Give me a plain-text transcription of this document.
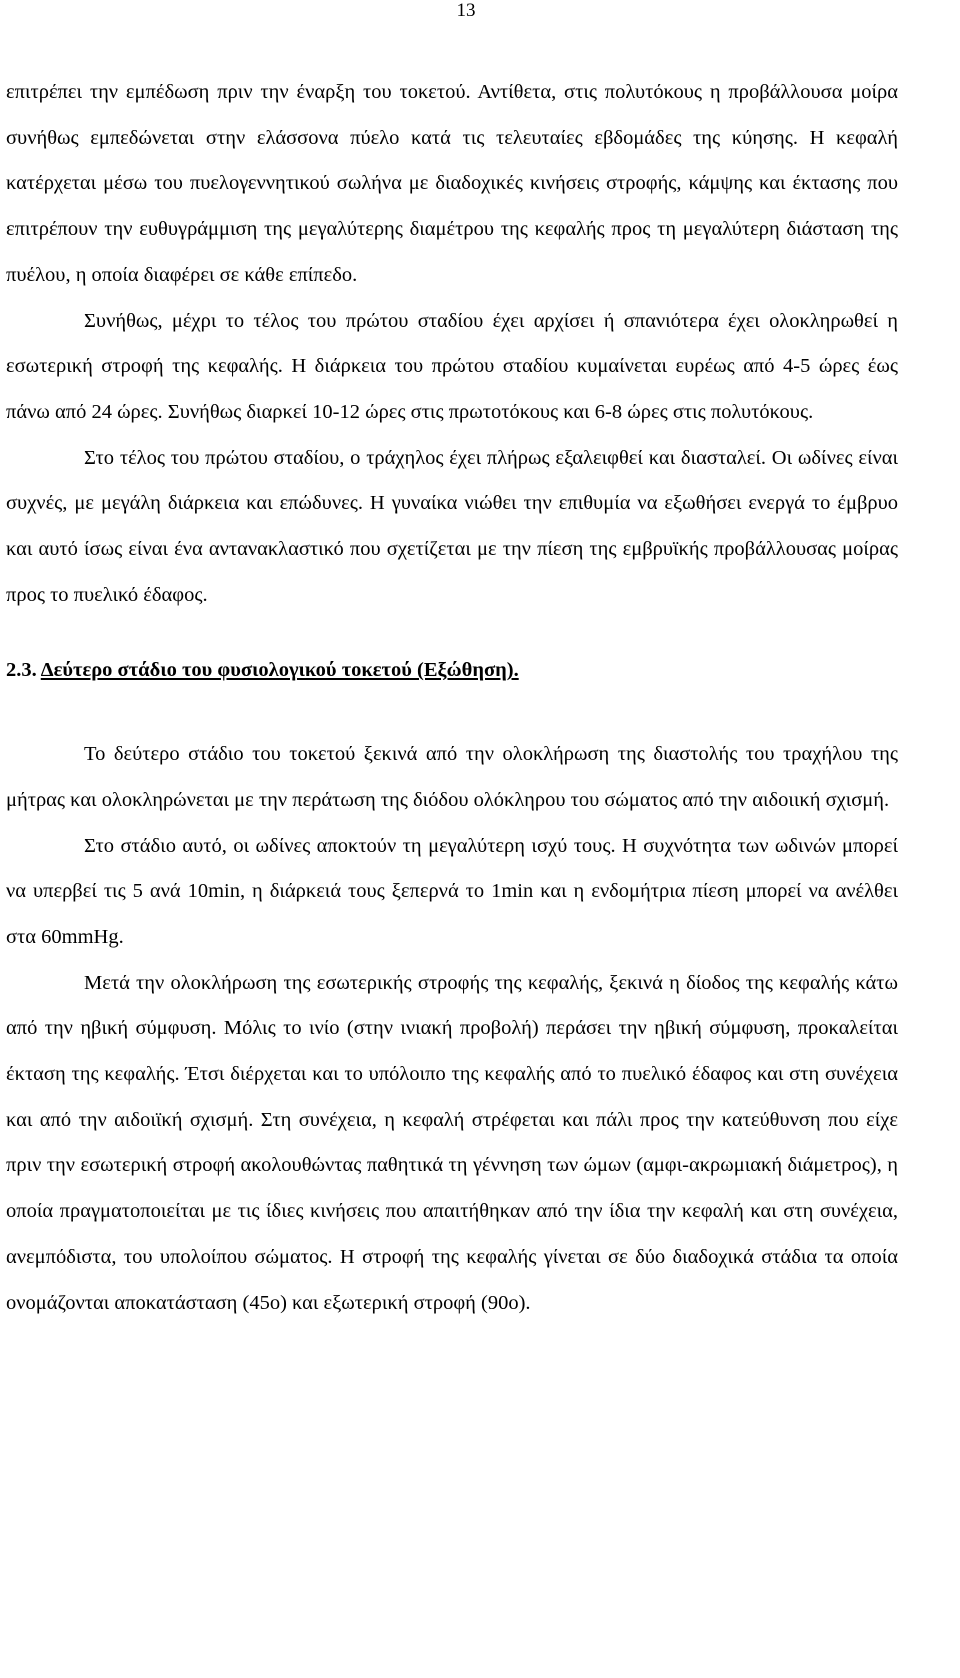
13

επιτρέπει την εμπέδωση πριν την έναρξη του τοκετού. Αντίθετα, στις πολυτόκους η προβάλλουσα μοίρα συνήθως εμπεδώνεται στην ελάσσονα πύελο κατά τις τελευταίες εβδομάδες της κύησης. Η κεφαλή κατέρχεται μέσω του πυελογεννητικού σωλήνα με διαδοχικές κινήσεις στροφής, κάμψης και έκτασης που επιτρέπουν την ευθυγράμμιση της μεγαλύτερης διαμέτρου της κεφαλής προς τη μεγαλύτερη διάσταση της πυέλου, η οποία διαφέρει σε κάθε επίπεδο.

Συνήθως, μέχρι το τέλος του πρώτου σταδίου έχει αρχίσει ή σπανιότερα έχει ολοκληρωθεί η εσωτερική στροφή της κεφαλής. Η διάρκεια του πρώτου σταδίου κυμαίνεται ευρέως από 4-5 ώρες έως πάνω από 24 ώρες. Συνήθως διαρκεί 10-12 ώρες στις πρωτοτόκους και 6-8 ώρες στις πολυτόκους.

Στο τέλος του πρώτου σταδίου, ο τράχηλος έχει πλήρως εξαλειφθεί και διασταλεί. Οι ωδίνες είναι συχνές, με μεγάλη διάρκεια και επώδυνες. Η γυναίκα νιώθει την επιθυμία να εξωθήσει ενεργά το έμβρυο και αυτό ίσως είναι ένα αντανακλαστικό που σχετίζεται με την πίεση της εμβρυϊκής προβάλλουσας μοίρας προς το πυελικό έδαφος.

2.3. Δεύτερο στάδιο του φυσιολογικού τοκετού (Εξώθηση).

Το δεύτερο στάδιο του τοκετού ξεκινά από την ολοκλήρωση της διαστολής του τραχήλου της μήτρας και ολοκληρώνεται με την περάτωση της διόδου ολόκληρου του σώματος από την αιδοιική σχισμή.

Στο στάδιο αυτό, οι ωδίνες αποκτούν τη μεγαλύτερη ισχύ τους. Η συχνότητα των ωδινών μπορεί να υπερβεί τις 5 ανά 10min, η διάρκειά τους ξεπερνά το 1min και η ενδομήτρια πίεση μπορεί να ανέλθει στα 60mmHg.

Μετά την ολοκλήρωση της εσωτερικής στροφής της κεφαλής, ξεκινά η δίοδος της κεφαλής κάτω από την ηβική σύμφυση. Μόλις το ινίο (στην ινιακή προβολή) περάσει την ηβική σύμφυση, προκαλείται έκταση της κεφαλής. Έτσι διέρχεται και το υπόλοιπο της κεφαλής από το πυελικό έδαφος και στη συνέχεια και από την αιδοιϊκή σχισμή. Στη συνέχεια, η κεφαλή στρέφεται και πάλι προς την κατεύθυνση που είχε πριν την εσωτερική στροφή ακολουθώντας παθητικά τη γέννηση των ώμων (αμφι-ακρωμιακή διάμετρος), η οποία πραγματοποιείται με τις ίδιες κινήσεις που απαιτήθηκαν από την ίδια την κεφαλή και στη συνέχεια, ανεμπόδιστα, του υπολοίπου σώματος. Η στροφή της κεφαλής γίνεται σε δύο διαδοχικά στάδια τα οποία ονομάζονται αποκατάσταση (45ο) και εξωτερική στροφή (90ο).
